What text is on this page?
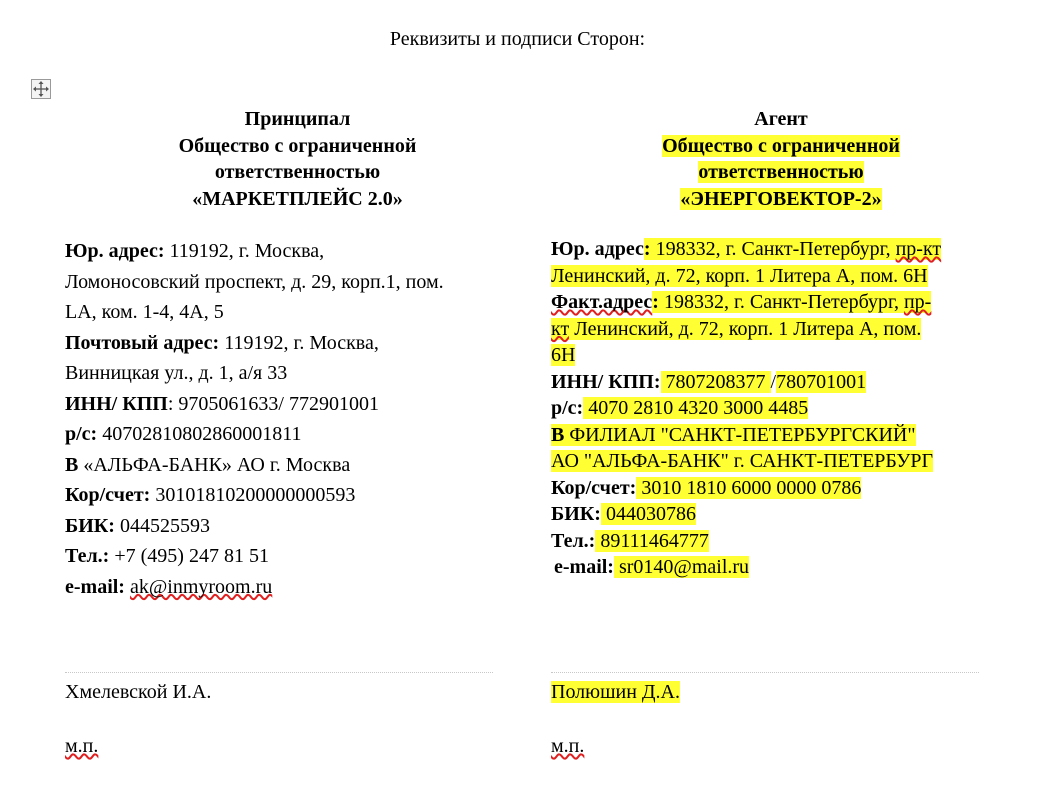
Реквизиты и подписи Сторон:
Принципал
Общество с ограниченной
ответственностью
«МАРКЕТПЛЕЙС 2.0»
Юр. адрес: 119192, г. Москва,
Ломоносовский проспект, д. 29, корп.1, пом.
LA, ком. 1-4, 4А, 5
Почтовый адрес: 119192, г. Москва,
Винницкая ул., д. 1, а/я 33
ИНН/ КПП: 9705061633/ 772901001
р/с: 40702810802860001811
В «АЛЬФА-БАНК» АО г. Москва
Кор/счет: 30101810200000000593
БИК: 044525593
Тел.: +7 (495) 247 81 51
e-mail: ak@inmyroom.ru
Агент
Общество с ограниченной
ответственностью
«ЭНЕРГОВЕКТОР-2»
Юр. адрес: 198332, г. Санкт-Петербург, пр-кт
Ленинский, д. 72, корп. 1 Литера А, пом. 6Н
Факт.адрес: 198332, г. Санкт-Петербург, пр-
кт Ленинский, д. 72, корп. 1 Литера А, пом.
6Н
ИНН/ КПП: 7807208377 /780701001
р/с: 4070 2810 4320 3000 4485
В ФИЛИАЛ "САНКТ-ПЕТЕРБУРГСКИЙ"
АО "АЛЬФА-БАНК" г. САНКТ-ПЕТЕРБУРГ
Кор/счет: 3010 1810 6000 0000 0786
БИК: 044030786
Тел.: 89111464777
e-mail: sr0140@mail.ru
Хмелевской И.А.	Полюшин Д.А.
м.п.	м.п.
